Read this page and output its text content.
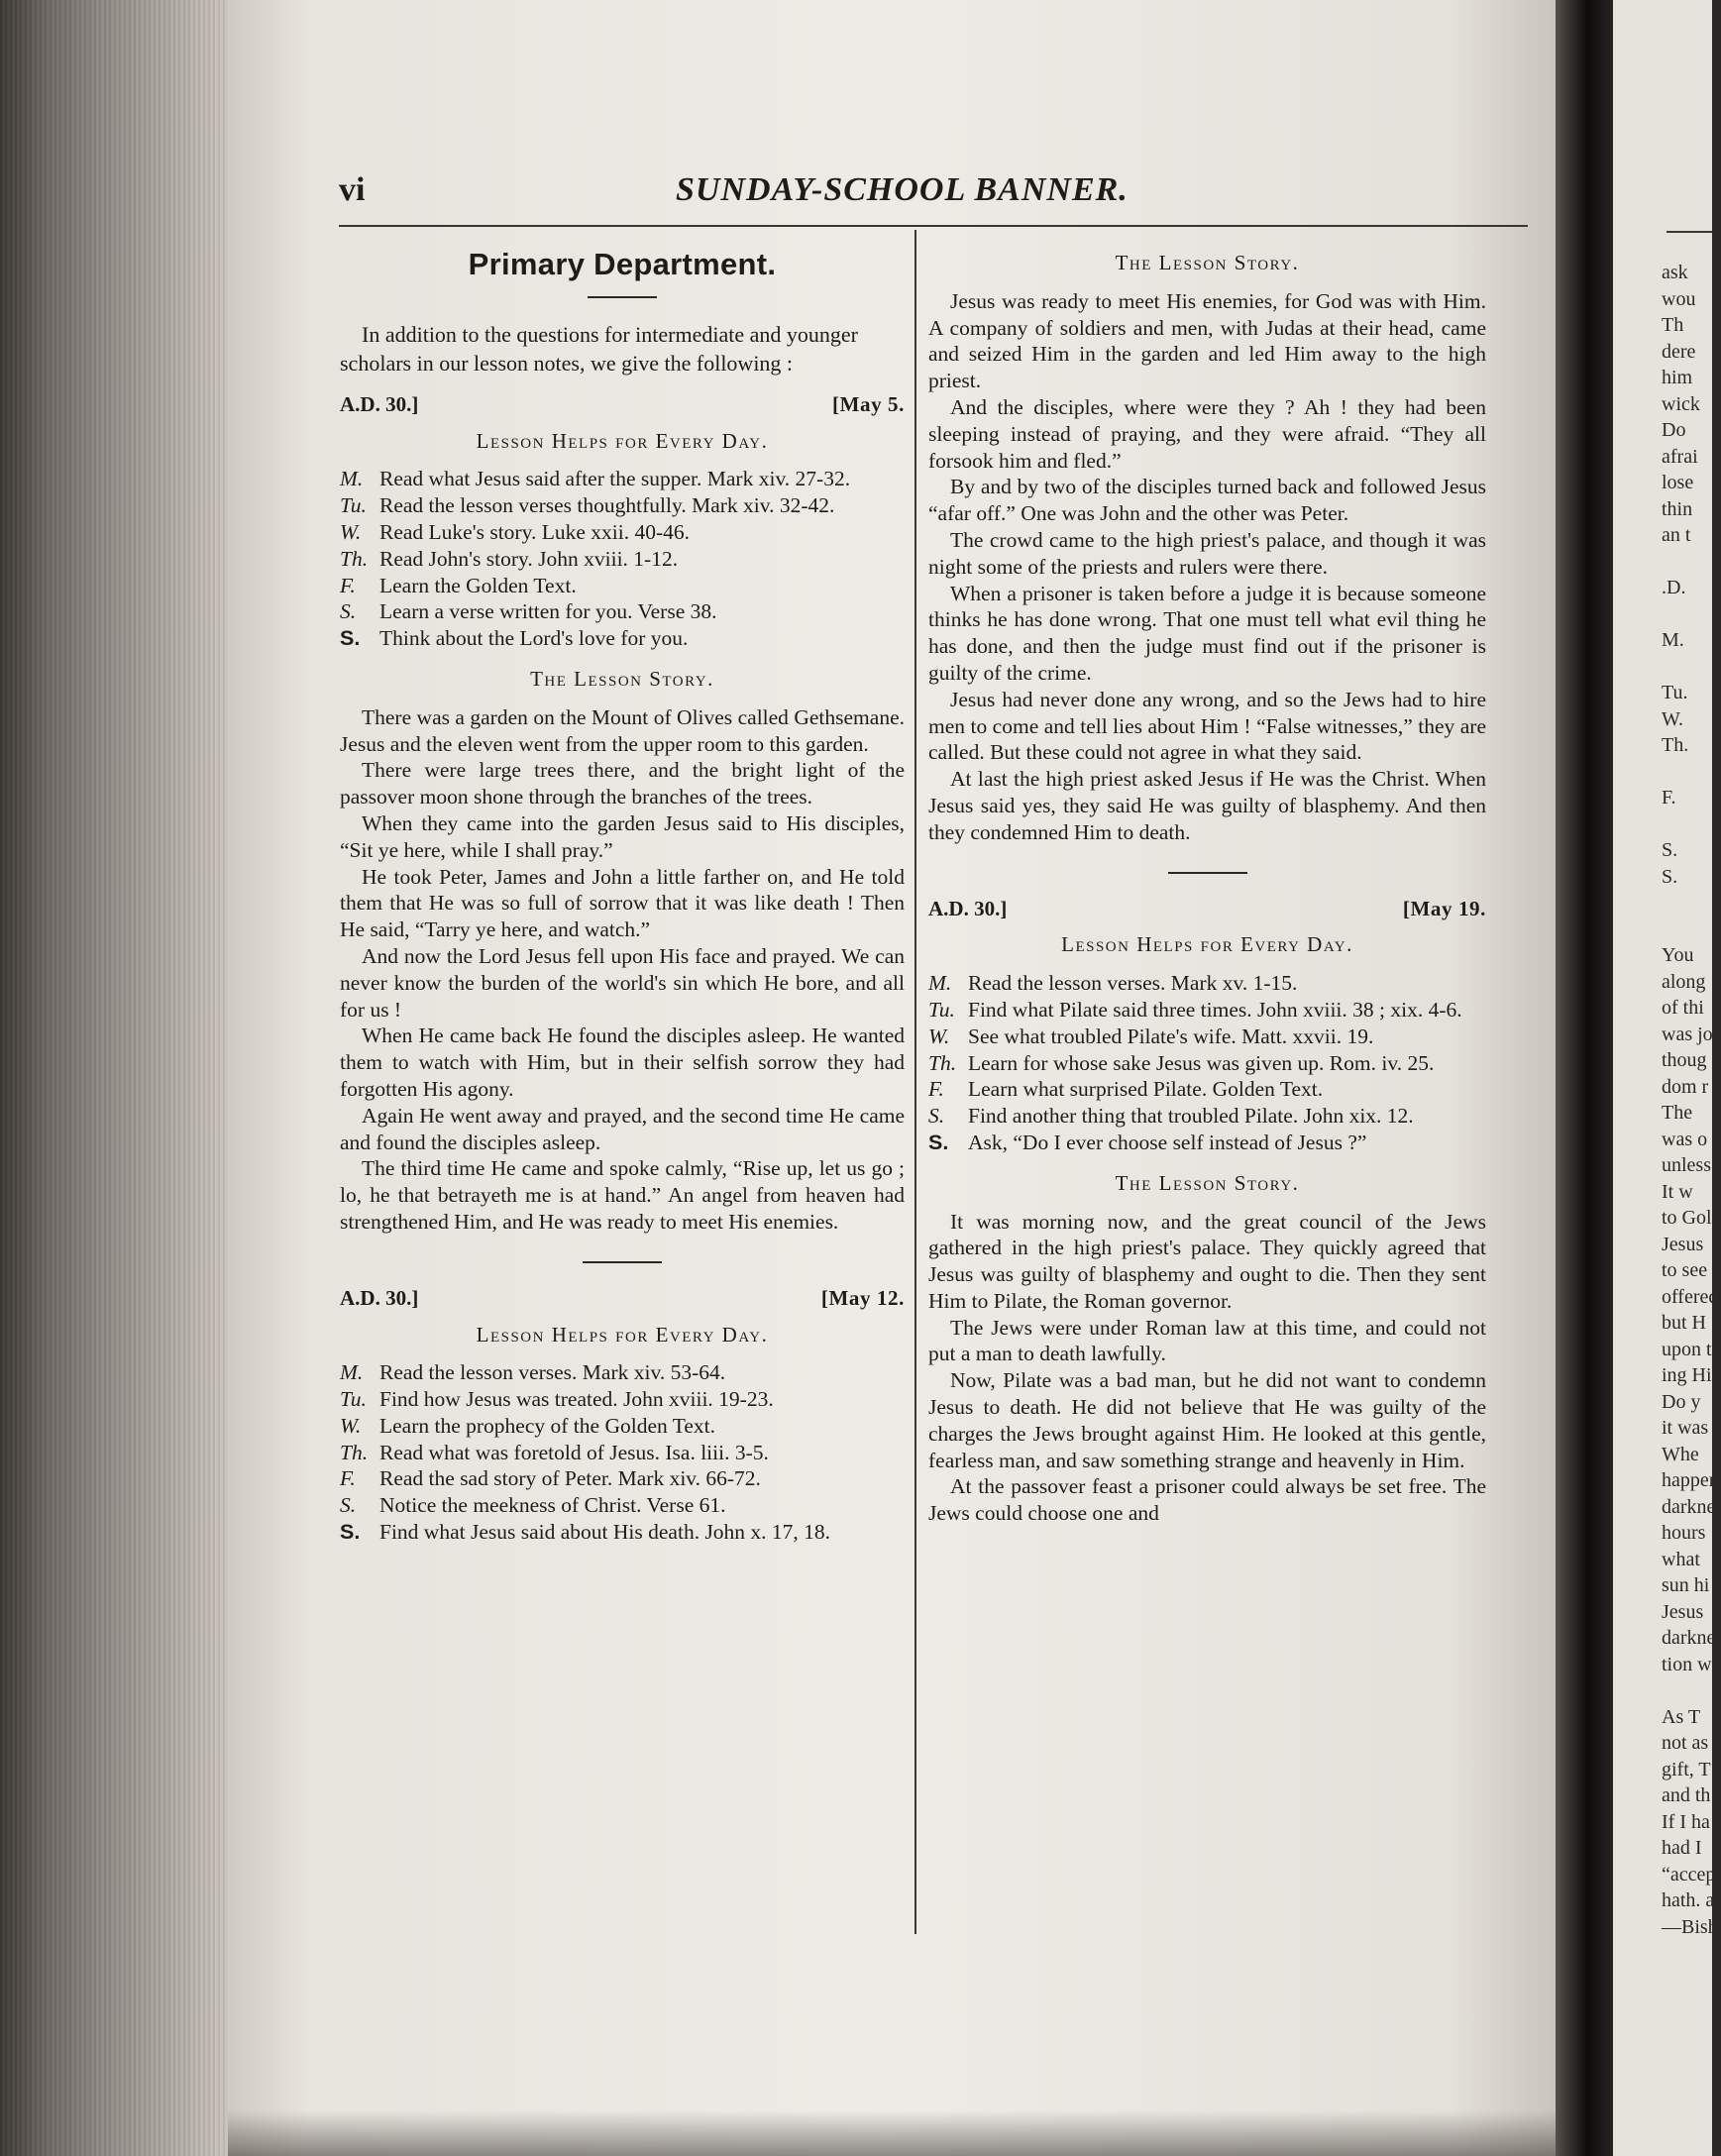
vi	SUNDAY-SCHOOL BANNER.
Primary Department.

In addition to the questions for intermediate and younger scholars in our lesson notes, we give the following :

A.D. 30.]	[May 5.
Lesson Helps for Every Day.
M. Read what Jesus said after the supper. Mark xiv. 27-32.
Tu. Read the lesson verses thoughtfully. Mark xiv. 32-42.
W. Read Luke's story. Luke xxii. 40-46.
Th. Read John's story. John xviii. 1-12.
F.	Learn the Golden Text.
S.	Learn a verse written for you. Verse 38.
S. Think about the Lord's love for you.
The Lesson Story.

There was a garden on the Mount of Olives called Gethsemane. Jesus and the eleven went from the upper room to this garden.

There were large trees there, and the bright light of the passover moon shone through the branches of the trees.

When they came into the garden Jesus said to His disciples, “Sit ye here, while I shall pray.”

He took Peter, James and John a little farther on, and He told them that He was so full of sorrow that it was like death ! Then He said, “Tarry ye here, and watch.”

And now the Lord Jesus fell upon His face and prayed. We can never know the burden of the world's sin which He bore, and all for us !

When He came back He found the disciples asleep. He wanted them to watch with Him, but in their selfish sorrow they had forgotten His agony.

Again He went away and prayed, and the second time He came and found the disciples asleep.

The third time He came and spoke calmly, “Rise up, let us go ; lo, he that betrayeth me is at hand.” An angel from heaven had strengthened Him, and He was ready to meet His enemies.

A.D. 30.]	[May 12.
Lesson Helps for Every Day.
M. Read the lesson verses. Mark xiv. 53-64.
Tu. Find how Jesus was treated. John xviii. 19-23.
W. Learn the prophecy of the Golden Text.
Th. Read what was foretold of Jesus. Isa. liii. 3-5.
F.	Read the sad story of Peter. Mark xiv. 66-72.
S.	Notice the meekness of Christ. Verse 61.
S. Find what Jesus said about His death. John x. 17, 18.
The Lesson Story.

Jesus was ready to meet His enemies, for God was with Him. A company of soldiers and men, with Judas at their head, came and seized Him in the garden and led Him away to the high priest.

And the disciples, where were they ? Ah ! they had been sleeping instead of praying, and they were afraid. “They all forsook him and fled.”

By and by two of the disciples turned back and followed Jesus “afar off.” One was John and the other was Peter.

The crowd came to the high priest's palace, and though it was night some of the priests and rulers were there.

When a prisoner is taken before a judge it is because someone thinks he has done wrong. That one must tell what evil thing he has done, and then the judge must find out if the prisoner is guilty of the crime.

Jesus had never done any wrong, and so the Jews had to hire men to come and tell lies about Him ! “False witnesses,” they are called. But these could not agree in what they said.

At last the high priest asked Jesus if He was the Christ. When Jesus said yes, they said He was guilty of blasphemy. And then they condemned Him to death.

A.D. 30.]	[May 19.
Lesson Helps for Every Day.
M. Read the lesson verses. Mark xv. 1-15.
Tu. Find what Pilate said three times. John xviii. 38 ; xix. 4-6.
W. See what troubled Pilate's wife. Matt. xxvii. 19.
Th. Learn for whose sake Jesus was given up. Rom. iv. 25.
F.	Learn what surprised Pilate. Golden Text.
S.	Find another thing that troubled Pilate. John xix. 12.
S. Ask, “Do I ever choose self instead of Jesus ?”
The Lesson Story.

It was morning now, and the great council of the Jews gathered in the high priest's palace. They quickly agreed that Jesus was guilty of blasphemy and ought to die. Then they sent Him to Pilate, the Roman governor.

The Jews were under Roman law at this time, and could not put a man to death lawfully.

Now, Pilate was a bad man, but he did not want to condemn Jesus to death. He did not believe that He was guilty of the charges the Jews brought against Him. He looked at this gentle, fearless man, and saw something strange and heavenly in Him.

At the passover feast a prisoner could always be set free. The Jews could choose one and

ask
wou
Th
dere
him
wick
Do
afrai
lose
thin
an t
.D.
M.
Tu.
W.
Th.
F.
S.
S.
You
along
of thi
was jo
thoug
dom r
The
was o
unless
It w
to Gol
Jesus
to see
offered
but H
upon t
ing Hi
Do y
it was
Whe
happen
darkne
hours
what
sun hi
Jesus
darkne
tion w
As T
not as
gift, T
and th
If I ha
had I
“accep
hath. a
—Bish
